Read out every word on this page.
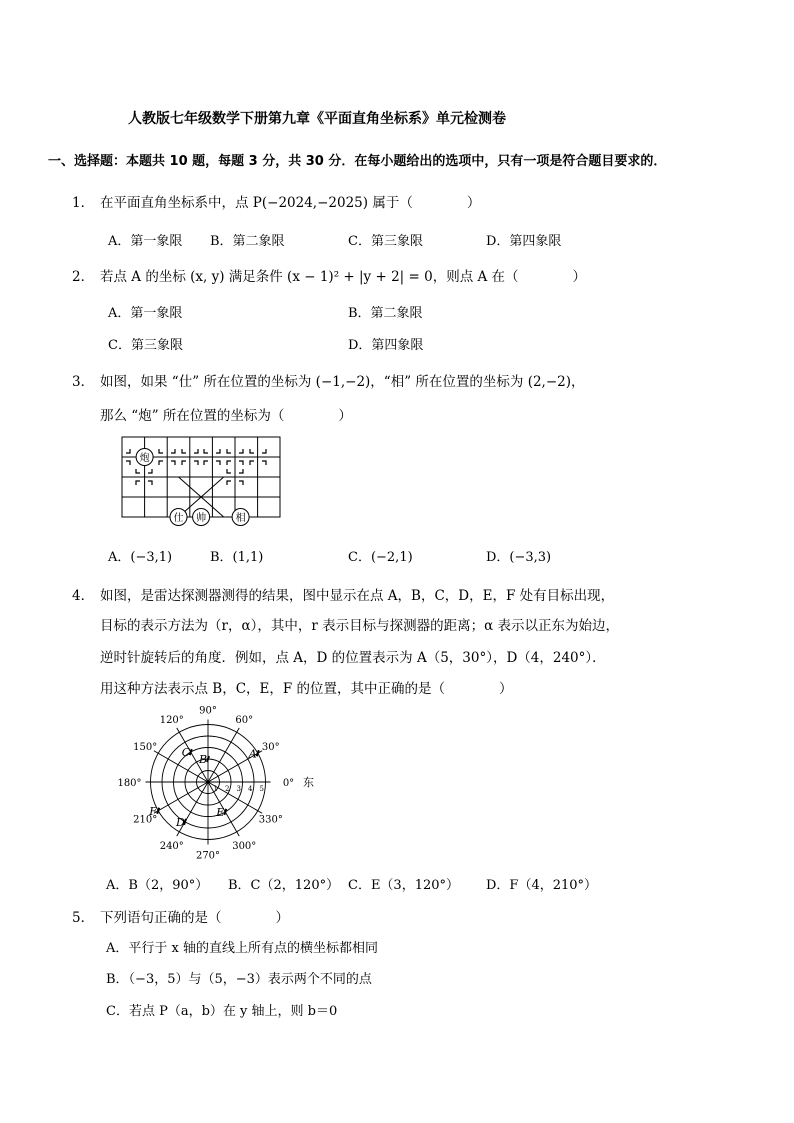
人教版七年级数学下册第九章《平面直角坐标系》单元检测卷
一、选择题：本题共 10 题，每题 3 分，共 30 分．在每小题给出的选项中，只有一项是符合题目要求的．
1． 在平面直角坐标系中，点 P(−2024,−2025) 属于（　　　　）
A．第一象限 B．第二象限	C．第三象限	D．第四象限
2． 若点 A 的坐标 (x, y) 满足条件 (x − 1)² + |y + 2| = 0，则点 A 在（　　　　）
A．第一象限	B．第二象限
C．第三象限	D．第四象限
3． 如图，如果 “仕” 所在位置的坐标为 (−1,−2)，“相” 所在位置的坐标为 (2,−2)，
那么 “炮” 所在位置的坐标为（　　　　）
炮
仕 帅	相
A．(−3,1)	B．(1,1)	C．(−2,1)	D．(−3,3)
4． 如图，是雷达探测器测得的结果，图中显示在点 A，B，C，D，E，F 处有目标出现，
目标的表示方法为（r，α），其中，r 表示目标与探测器的距离；α 表示以正东为始边，
逆时针旋转后的角度．例如，点 A，D 的位置表示为 A（5，30°），D（4，240°）．
用这种方法表示点 B，C，E，F 的位置，其中正确的是（　　　　）
0°
30°
60°
90°
120°
150°
180°
210°
240°
270°
300°
330°
东
1 2 3 4 5
A
B
C
D
E
F
A．B（2，90°） B．C（2，120°） C．E（3，120°） D．F（4，210°）
5． 下列语句正确的是（　　　　）
A．平行于 x 轴的直线上所有点的横坐标都相同
B．（−3，5）与（5，−3）表示两个不同的点
C．若点 P（a，b）在 y 轴上，则 b＝0
